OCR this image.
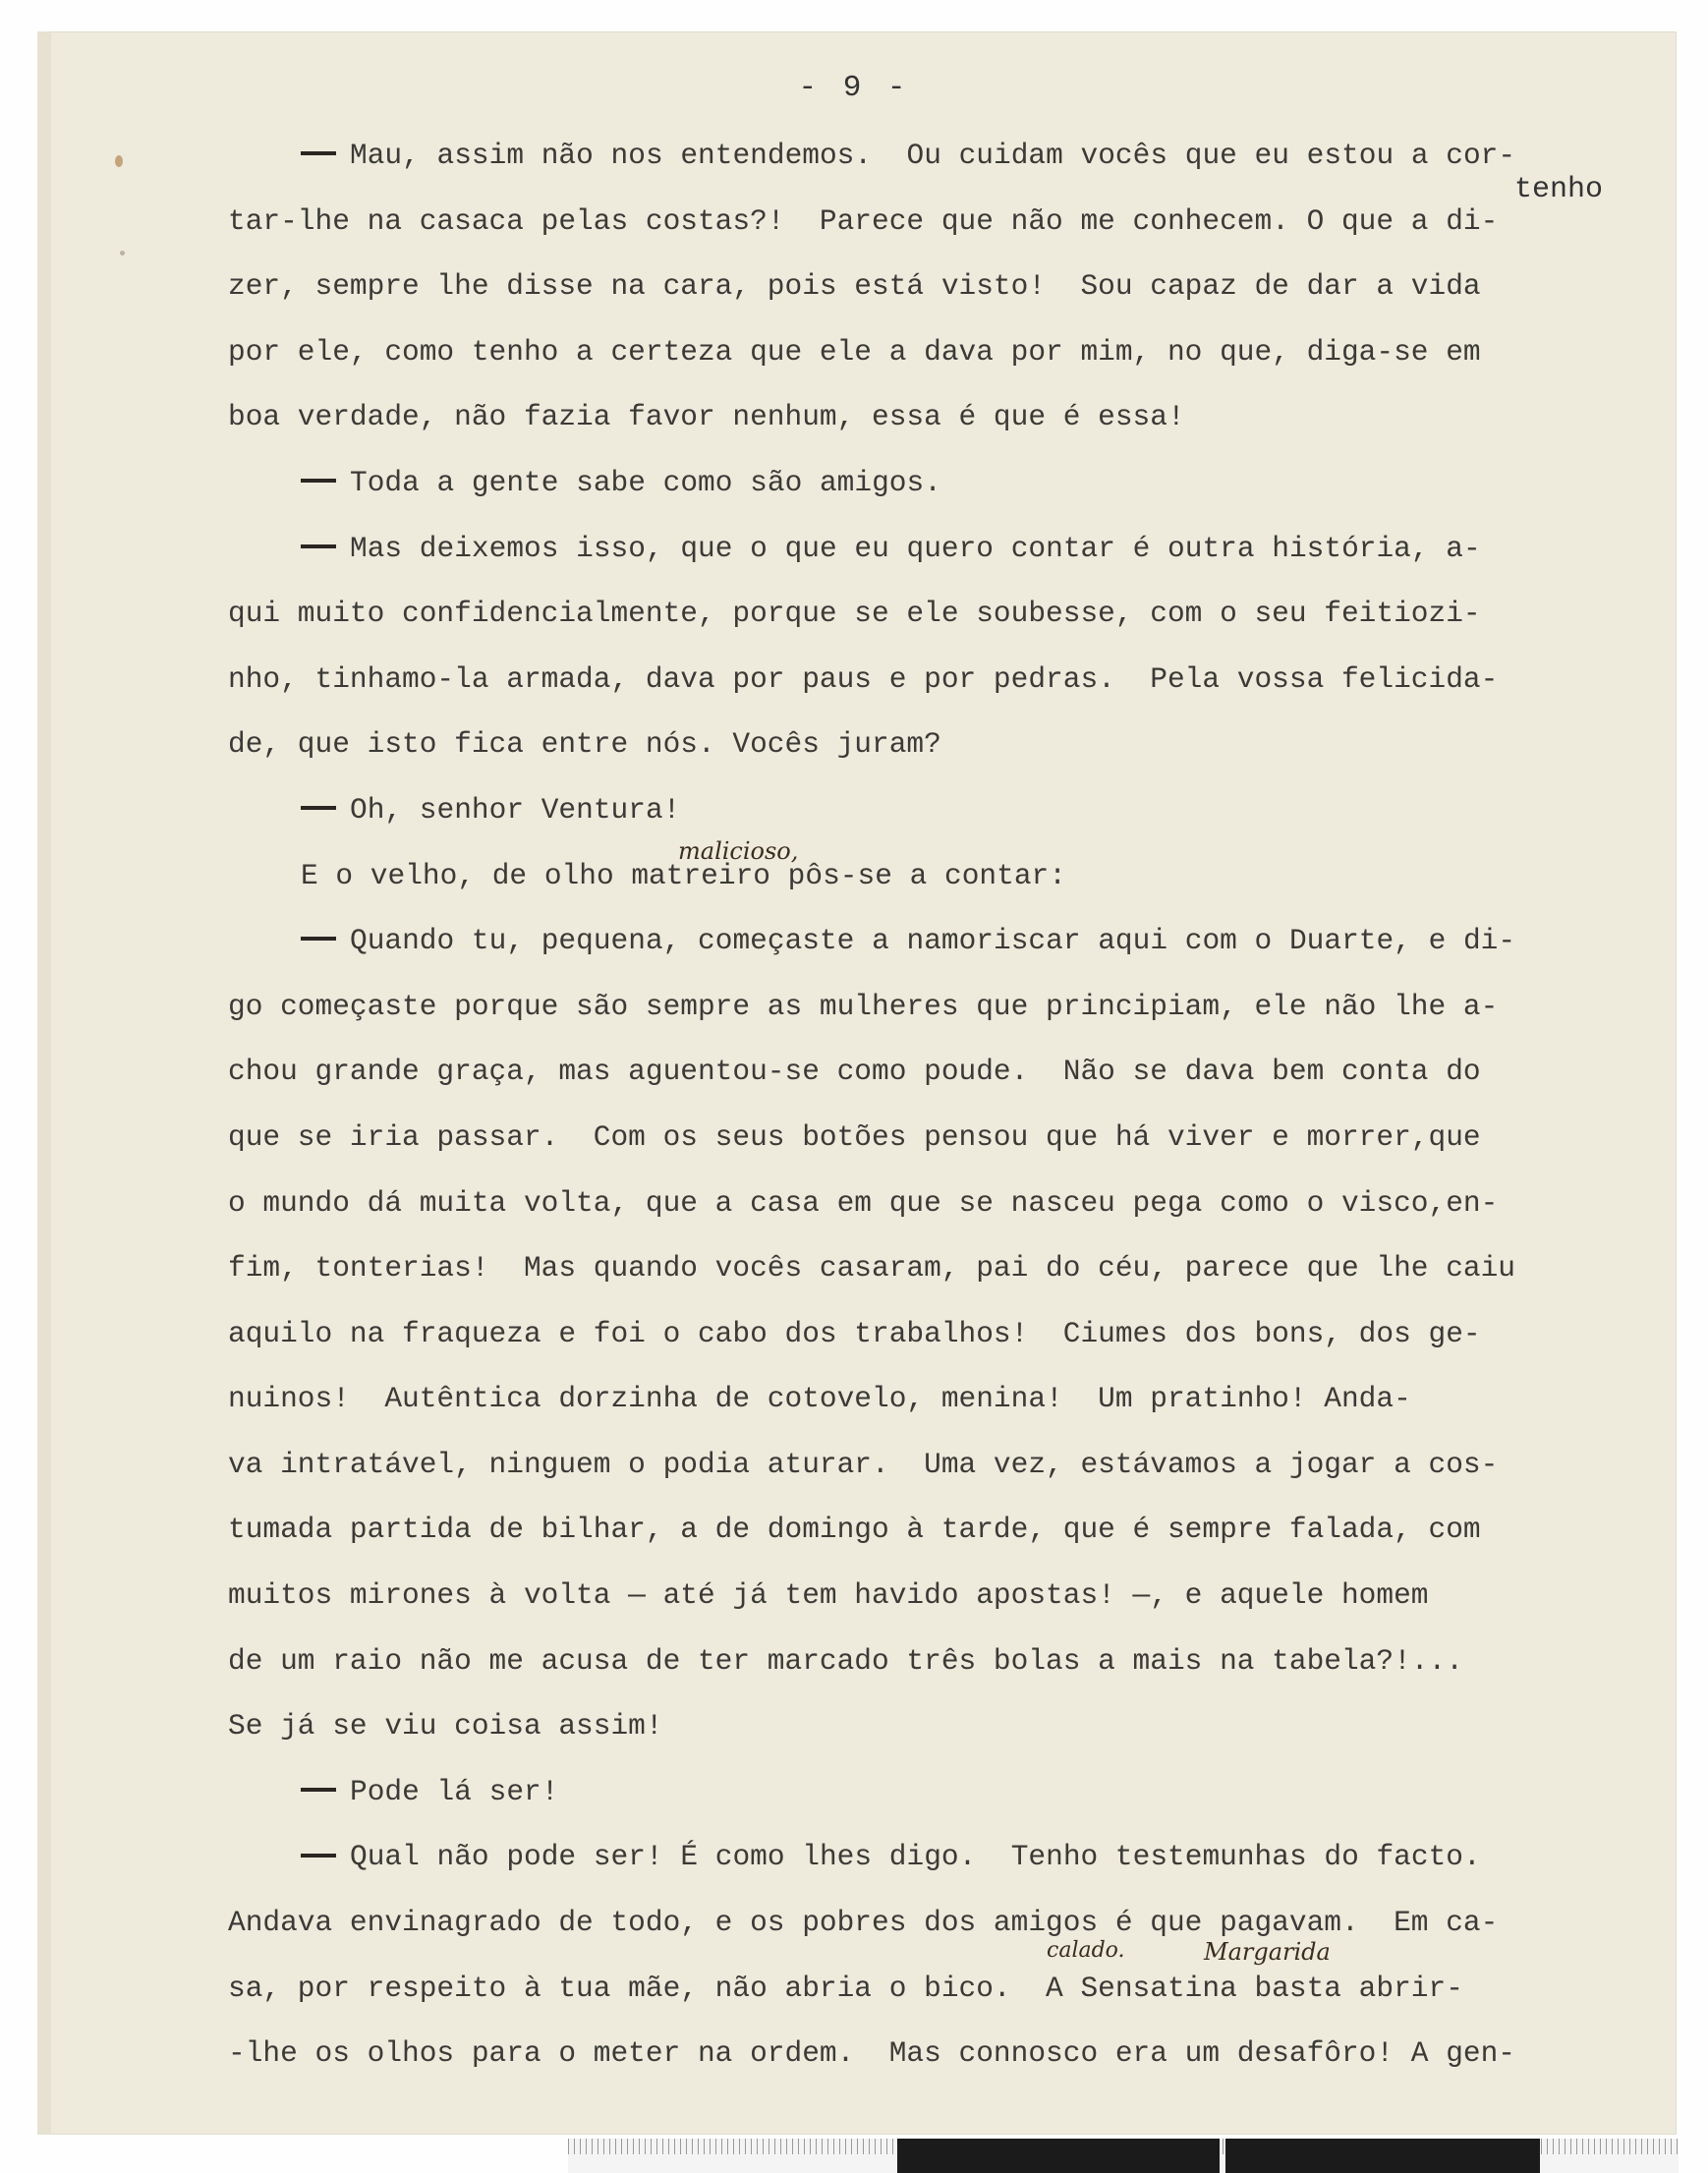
- 9 -
Mau, assim não nos entendemos.  Ou cuidam vocês que eu estou a cor-
tar-lhe na casaca pelas costas?!  Parece que não me conhecem. O que a di-
zer, sempre lhe disse na cara, pois está visto!  Sou capaz de dar a vida
por ele, como tenho a certeza que ele a dava por mim, no que, diga-se em
boa verdade, não fazia favor nenhum, essa é que é essa!
Toda a gente sabe como são amigos.
Mas deixemos isso, que o que eu quero contar é outra história, a-
qui muito confidencialmente, porque se ele soubesse, com o seu feitiozi-
nho, tinhamo-la armada, dava por paus e por pedras.  Pela vossa felicida-
de, que isto fica entre nós. Vocês juram?
Oh, senhor Ventura!
E o velho, de olho matreiro pôs-se a contar:
Quando tu, pequena, começaste a namoriscar aqui com o Duarte, e di-
go começaste porque são sempre as mulheres que principiam, ele não lhe a-
chou grande graça, mas aguentou-se como poude.  Não se dava bem conta do
que se iria passar.  Com os seus botões pensou que há viver e morrer,que
o mundo dá muita volta, que a casa em que se nasceu pega como o visco,en-
fim, tonterias!  Mas quando vocês casaram, pai do céu, parece que lhe caiu
aquilo na fraqueza e foi o cabo dos trabalhos!  Ciumes dos bons, dos ge-
nuinos!  Autêntica dorzinha de cotovelo, menina!  Um pratinho! Anda-
va intratável, ninguem o podia aturar.  Uma vez, estávamos a jogar a cos-
tumada partida de bilhar, a de domingo à tarde, que é sempre falada, com
muitos mirones à volta — até já tem havido apostas! —, e aquele homem
de um raio não me acusa de ter marcado três bolas a mais na tabela?!...
Se já se viu coisa assim!
Pode lá ser!
Qual não pode ser! É como lhes digo.  Tenho testemunhas do facto.
Andava envinagrado de todo, e os pobres dos amigos é que pagavam.  Em ca-
sa, por respeito à tua mãe, não abria o bico.  A Sensatina basta abrir-
-lhe os olhos para o meter na ordem.  Mas connosco era um desafôro! A gen-
tenho
malicioso,
calado.	Margarida
